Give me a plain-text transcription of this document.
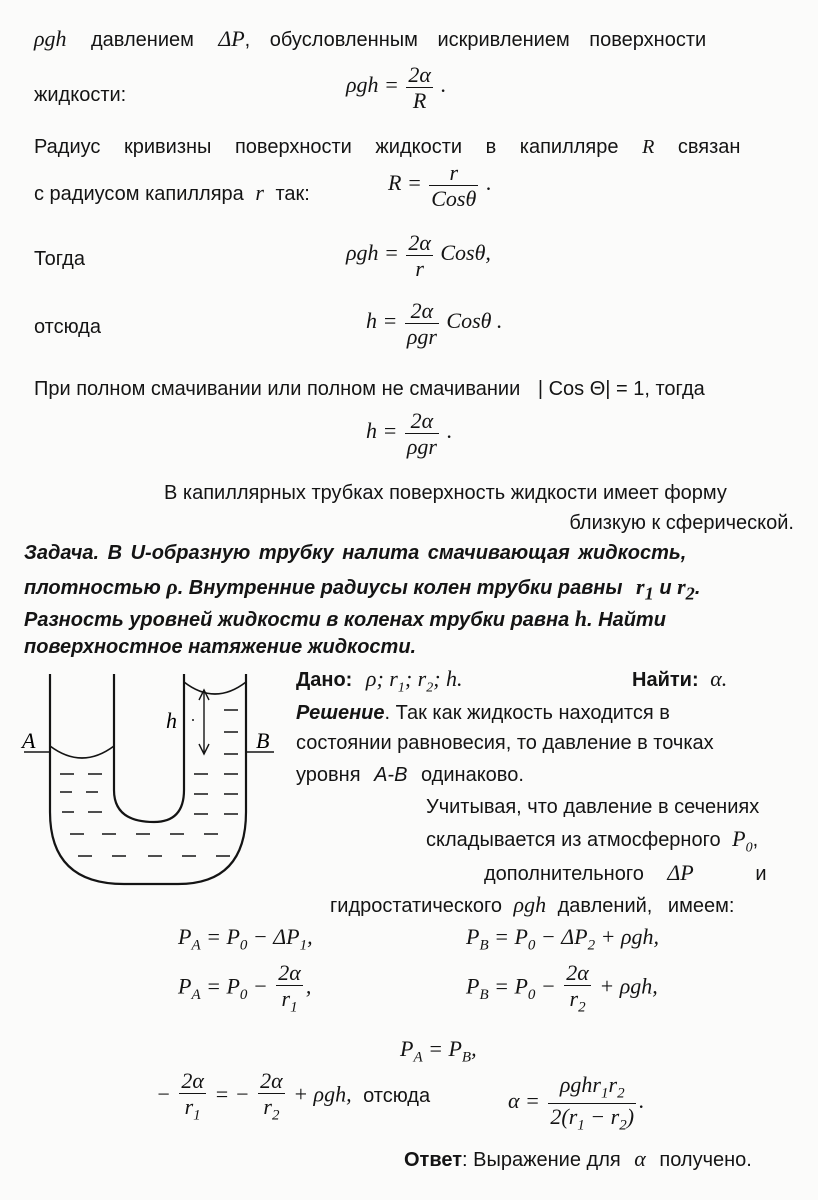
ρgh давлением ΔP, обусловленным искривлением поверхности
жидкости:	$\rho gh = \frac{2\alpha}{R}$ .
Радиус кривизны поверхности жидкости в капилляре R связан
с радиусом капилляра r так:	$R = \frac{r}{\text{Cosθ}}$ .
Тогда	$\rho gh = \frac{2\alpha}{r} Cos\theta$,
отсюда	$h = \frac{2\alpha}{\text{ρgr}}$ Cosθ .
При полном смачивании или полном не смачивании | Cos Θ| = 1, тогда
$h = \frac{2\alpha}{\text{ρgr}}$ .
В капиллярных трубках поверхность жидкости имеет форму
близкую к сферической.
Задача. В U-образную трубку налита смачивающая жидкость,
плотностью ρ. Внутренние радиусы колен трубки равны $r_1$ и $r_2$.
Разность уровней жидкости в коленах трубки равна h. Найти
поверхностное натяжение жидкости.
A	B
h
Дано: ρ; $r_1$; $r_2$; h.	Найти: α.
Решение. Так как жидкость находится в
состоянии равновесия, то давление в точках
уровня A-B одинаково.
Учитывая, что давление в сечениях
складывается из атмосферного $P_0$,
дополнительного ΔP	и
гидростатического ρgh давлений, имеем:
$P_A = P_0 - \Delta P_1$,	$P_B = P_0 - \Delta P_2 + \rho gh$,
$P_A = P_0 - \frac{2\alpha}{r_1}$ ,	$P_B = P_0 - \frac{2\alpha}{r_2} + \rho gh$,
$P_A = P_B$,
− $\frac{2\alpha}{r_1}$ = − $\frac{2\alpha}{r_2} + \rho gh$, отсюда	$\alpha = \frac{\rho ghr_1r_2}{2(r_1 - r_2)}$ .
Ответ: Выражение для α получено.
